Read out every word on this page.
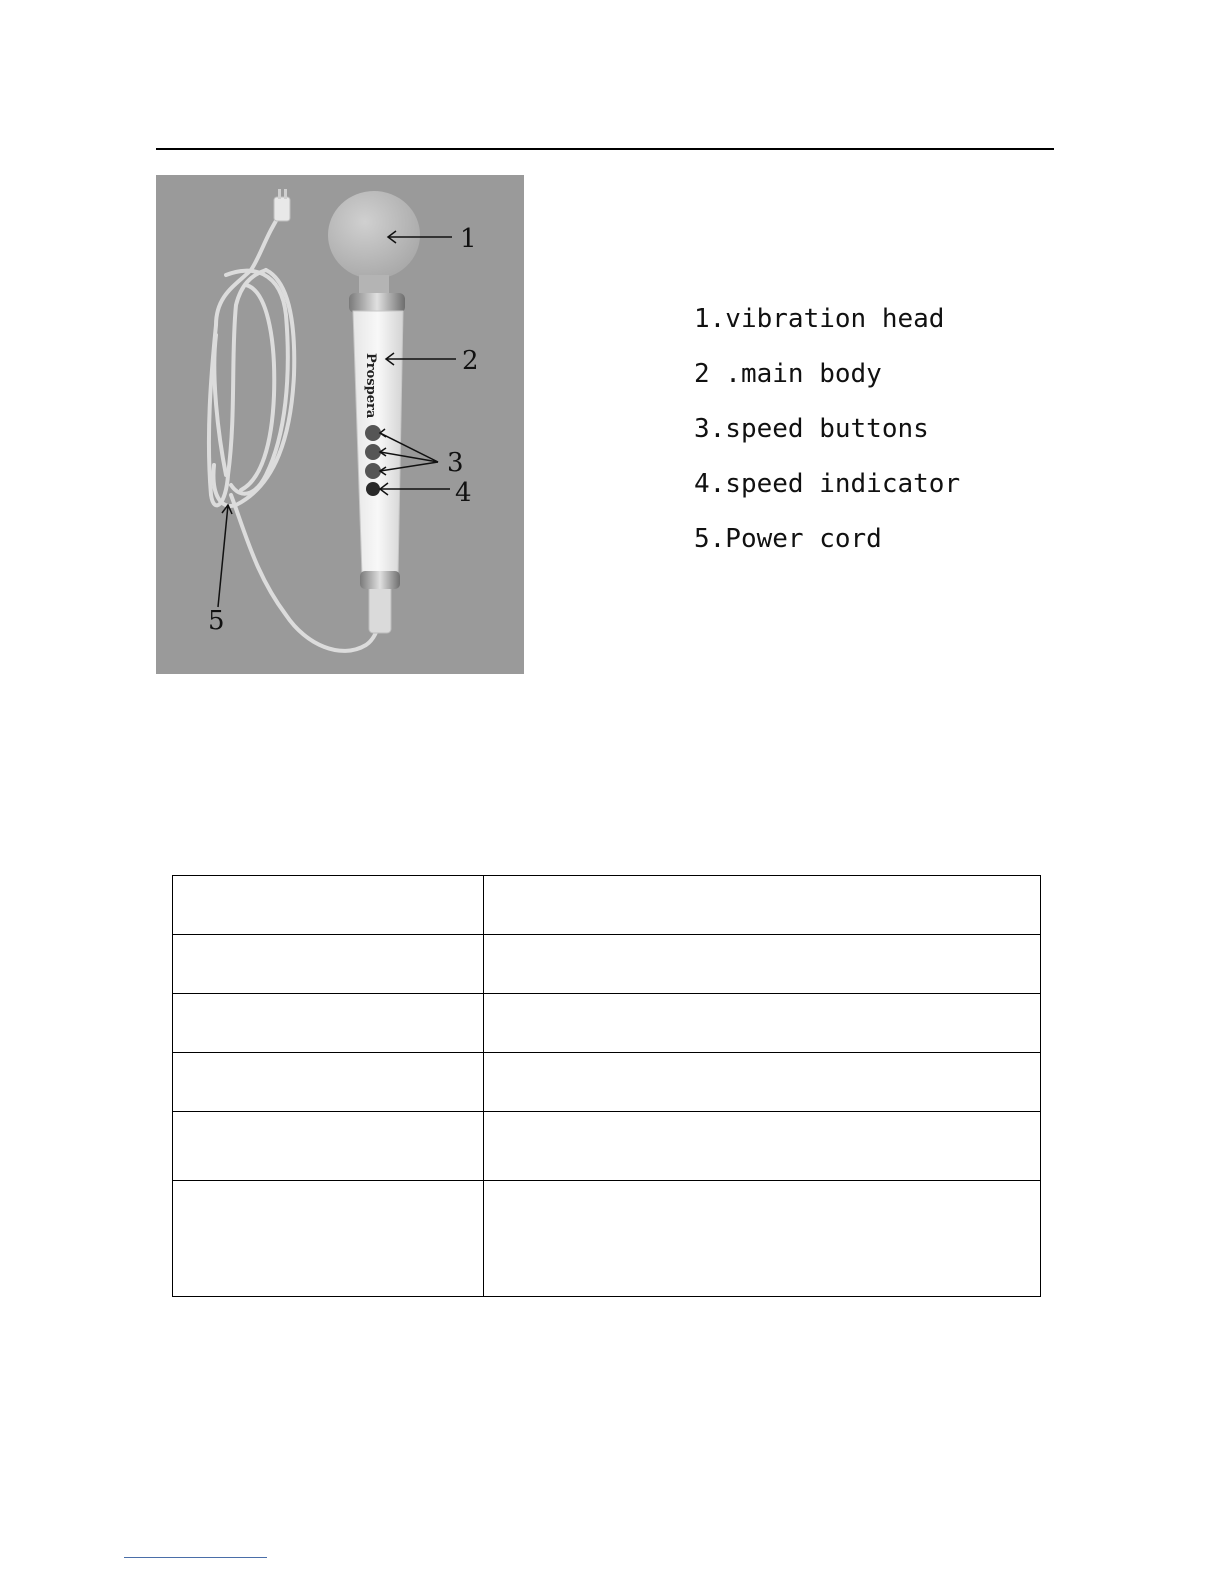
Prospera
1
2
3
4
5
1.vibration head
2 .main body
3.speed buttons
4.speed indicator
5.Power cord
